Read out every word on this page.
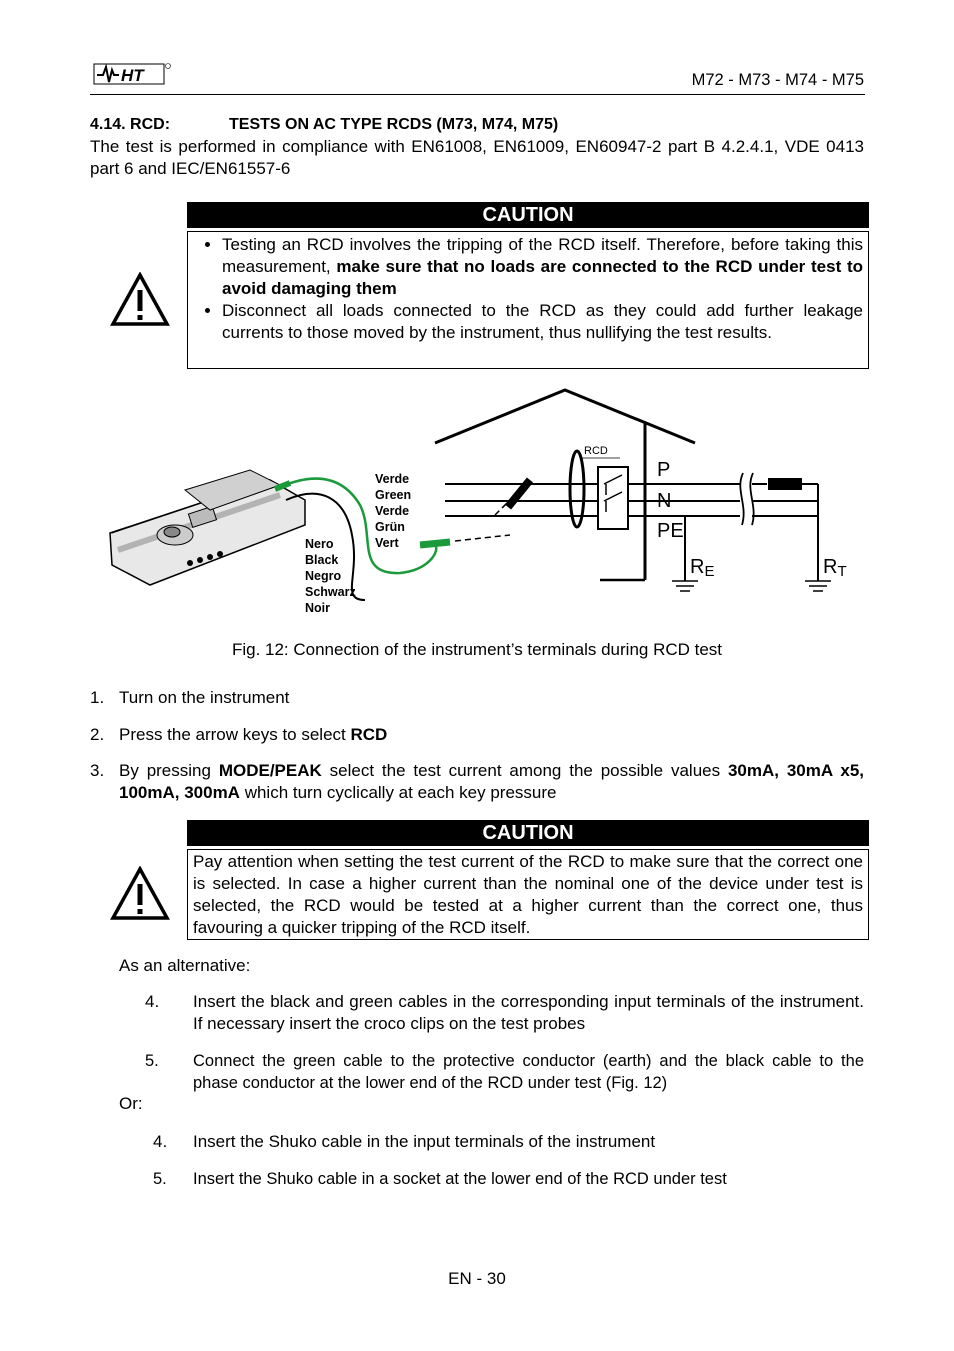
HT	M72 - M73 - M74 - M75
4.14. RCD:	TESTS ON AC TYPE RCDS (M73, M74, M75)
The test is performed in compliance with EN61008, EN61009, EN60947-2 part B 4.2.4.1, VDE 0413 part 6 and IEC/EN61557-6
CAUTION
• Testing an RCD involves the tripping of the RCD itself. Therefore, before taking this measurement, make sure that no loads are connected to the RCD under test to avoid damaging them
• Disconnect all loads connected to the RCD as they could add further leakage currents to those moved by the instrument, thus nullifying the test results.
Verde
Green
Verde
Grün
Vert
Nero
Black
Negro
Schwarz
Noir
RCD
P
N
PE
RE	RT
Fig. 12: Connection of the instrument’s terminals during RCD test
1. Turn on the instrument
2. Press the arrow keys to select RCD
3. By pressing MODE/PEAK select the test current among the possible values 30mA, 30mA x5, 100mA, 300mA which turn cyclically at each key pressure
CAUTION
Pay attention when setting the test current of the RCD to make sure that the correct one is selected. In case a higher current than the nominal one of the device under test is selected, the RCD would be tested at a higher current than the correct one, thus favouring a quicker tripping of the RCD itself.
As an alternative:
4.	Insert the black and green cables in the corresponding input terminals of the instrument. If necessary insert the croco clips on the test probes
5.	Connect the green cable to the protective conductor (earth) and the black cable to the phase conductor at the lower end of the RCD under test (Fig. 12)
Or:
4.	Insert the Shuko cable in the input terminals of the instrument
5.	Insert the Shuko cable in a socket at the lower end of the RCD under test
EN - 30
